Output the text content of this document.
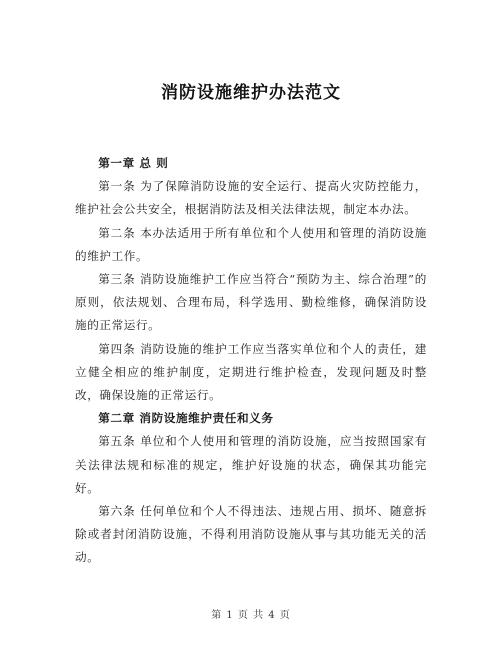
消防设施维护办法范文

第一章 总 则

第一条 为了保障消防设施的安全运行、提高火灾防控能力，维护社会公共安全，根据消防法及相关法律法规，制定本办法。

第二条 本办法适用于所有单位和个人使用和管理的消防设施的维护工作。

第三条 消防设施维护工作应当符合“预防为主、综合治理”的原则，依法规划、合理布局，科学选用、勤检维修，确保消防设施的正常运行。

第四条 消防设施的维护工作应当落实单位和个人的责任，建立健全相应的维护制度，定期进行维护检查，发现问题及时整改，确保设施的正常运行。

第二章 消防设施维护责任和义务

第五条 单位和个人使用和管理的消防设施，应当按照国家有关法律法规和标准的规定，维护好设施的状态，确保其功能完好。

第六条 任何单位和个人不得违法、违规占用、损坏、随意拆除或者封闭消防设施，不得利用消防设施从事与其功能无关的活动。

第 1 页 共 4 页
